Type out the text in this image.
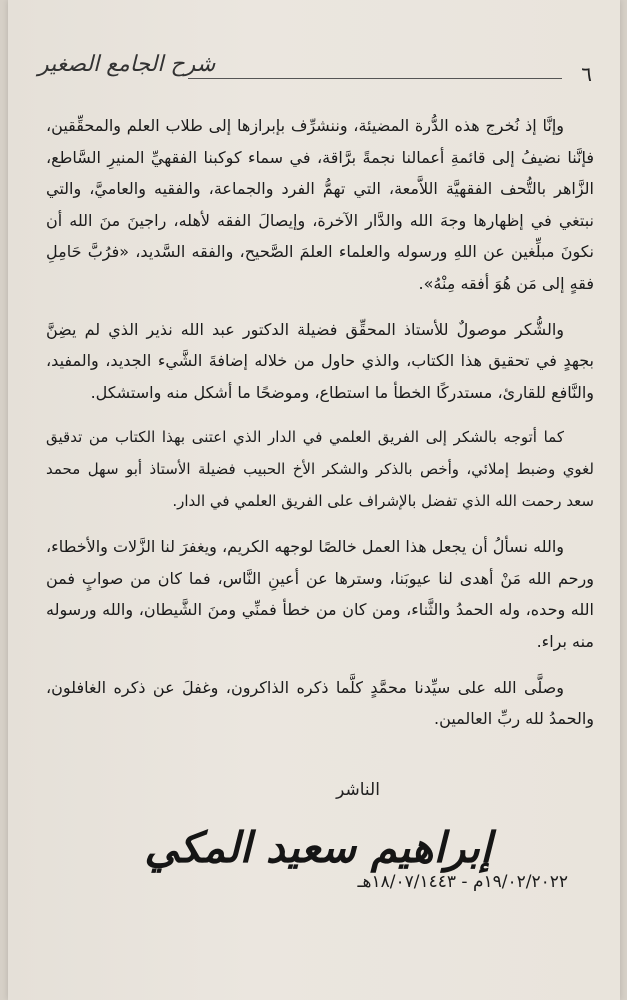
٦
شرح الجامع الصغير

وإنَّا إذ نُخرج هذه الدُّرة المضيئة، وننشرِّف بإبرازها إلى طلاب العلم والمحقِّقين، فإنَّنا نضيفُ إلى قائمةِ أعمالنا نجمةً برَّاقة، في سماء كوكبنا الفقهيِّ المنيرِ السَّاطع، الزَّاهر بالتُّحف الفقهيَّة اللاَّمعة، التي تهمُّ الفرد والجماعة، والفقيه والعاميَّ، والتي نبتغي في إظهارها وجهَ الله والدَّار الآخرة، وإيصالَ الفقه لأهله، راجينَ منَ الله أن نكونَ مبلِّغين عن اللهِ ورسوله والعلماء العلمَ الصَّحيح، والفقه السَّديد، «فرُبَّ حَامِلِ فقهٍ إلى مَن هُوَ أفقه مِنْهُ».

والشُّكر موصولٌ للأستاذ المحقِّق فضيلة الدكتور عبد الله نذير الذي لم يضِنَّ بجهدٍ في تحقيق هذا الكتاب، والذي حاول من خلاله إضافةَ الشَّيء الجديد، والمفيد، والنَّافع للقارئ، مستدركًا الخطأ ما استطاع، وموضحًا ما أشكل منه واستشكل.

كما أتوجه بالشكر إلى الفريق العلمي في الدار الذي اعتنى بهذا الكتاب من تدقيق لغوي وضبط إملائي، وأخص بالذكر والشكر الأخ الحبيب فضيلة الأستاذ أبو سهل محمد سعد رحمت الله الذي تفضل بالإشراف على الفريق العلمي في الدار.

والله نسألُ أن يجعل هذا العمل خالصًا لوجهه الكريم، ويغفرَ لنا الزَّلات والأخطاء، ورحم الله مَنْ أهدى لنا عيوبَنا، وسترها عن أعينِ النَّاس، فما كان من صوابٍ فمن الله وحده، وله الحمدُ والثَّناء، ومن كان من خطأ فمنِّي ومنَ الشَّيطان، والله ورسوله منه براء.

وصلَّى الله على سيِّدنا محمَّدٍ كلَّما ذكره الذاكرون، وغفلَ عن ذكره الغافلون، والحمدُ لله ربِّ العالمين.

الناشر
إبراهيم سعيد المكي
١٩/٠٢/٢٠٢٢م - ١٨/٠٧/١٤٤٣هـ
